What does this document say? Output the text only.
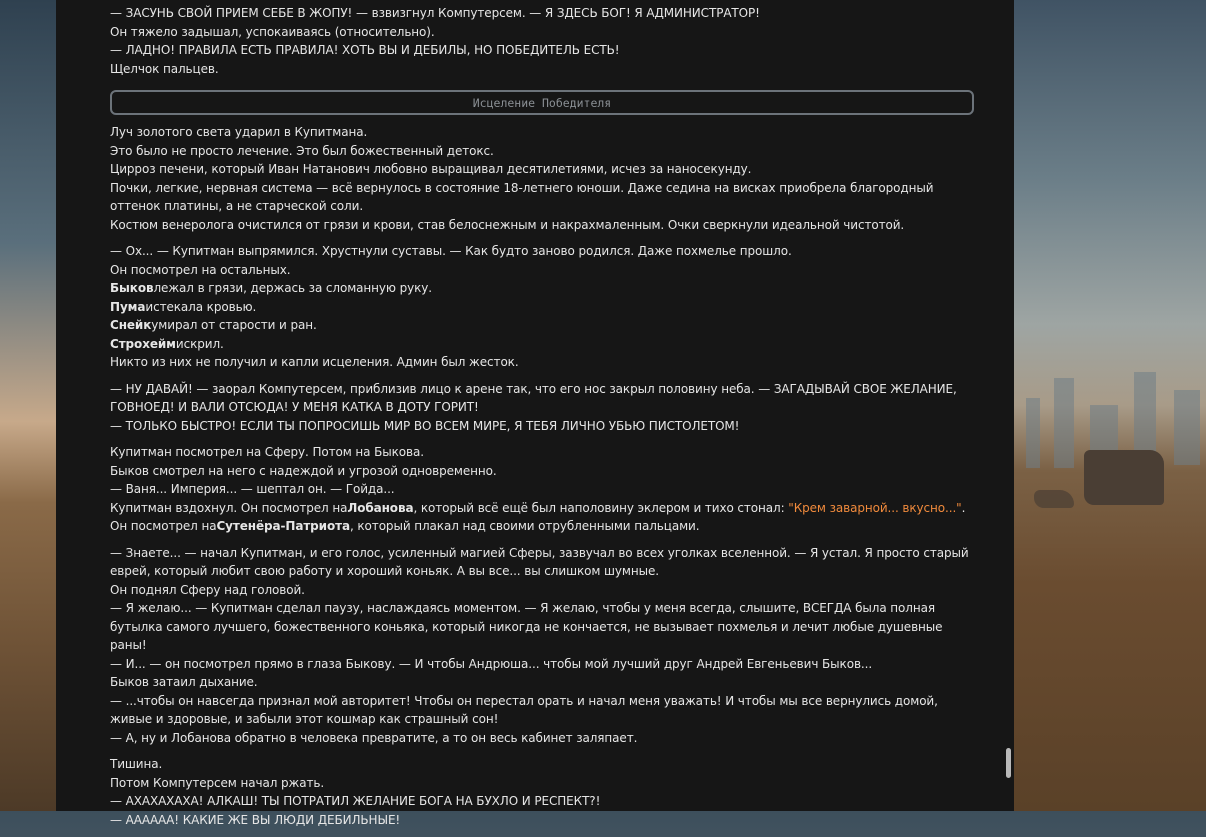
— ЗАСУНЬ СВОЙ ПРИЕМ СЕБЕ В ЖОПУ! — взвизгнул Компутерсем. — Я ЗДЕСЬ БОГ! Я АДМИНИСТРАТОР!
Он тяжело задышал, успокаиваясь (относительно).
— ЛАДНО! ПРАВИЛА ЕСТЬ ПРАВИЛА! ХОТЬ ВЫ И ДЕБИЛЫ, НО ПОБЕДИТЕЛЬ ЕСТЬ!
Щелчок пальцев.
Исцеление Победителя
Луч золотого света ударил в Купитмана.
Это было не просто лечение. Это был божественный детокс.
Цирроз печени, который Иван Натанович любовно выращивал десятилетиями, исчез за наносекунду.
Почки, легкие, нервная система — всё вернулось в состояние 18-летнего юноши. Даже седина на висках приобрела благородный оттенок платины, а не старческой соли.
Костюм венеролога очистился от грязи и крови, став белоснежным и накрахмаленным. Очки сверкнули идеальной чистотой.
— Ох... — Купитман выпрямился. Хрустнули суставы. — Как будто заново родился. Даже похмелье прошло.
Он посмотрел на остальных.
Быковлежал в грязи, держась за сломанную руку.
Пумаистекала кровью.
Снейкумирал от старости и ран.
Строхеймискрил.
Никто из них не получил и капли исцеления. Админ был жесток.
— НУ ДАВАЙ! — заорал Компутерсем, приблизив лицо к арене так, что его нос закрыл половину неба. — ЗАГАДЫВАЙ СВОЕ ЖЕЛАНИЕ, ГОВНОЕД! И ВАЛИ ОТСЮДА! У МЕНЯ КАТКА В ДОТУ ГОРИТ!
— ТОЛЬКО БЫСТРО! ЕСЛИ ТЫ ПОПРОСИШЬ МИР ВО ВСЕМ МИРЕ, Я ТЕБЯ ЛИЧНО УБЬЮ ПИСТОЛЕТОМ!
Купитман посмотрел на Сферу. Потом на Быкова.
Быков смотрел на него с надеждой и угрозой одновременно.
— Ваня... Империя... — шептал он. — Гойда...
Купитман вздохнул. Он посмотрел наЛобанова, который всё ещё был наполовину эклером и тихо стонал: "Крем заварной... вкусно...".
Он посмотрел наСутенёра-Патриота, который плакал над своими отрубленными пальцами.
— Знаете... — начал Купитман, и его голос, усиленный магией Сферы, зазвучал во всех уголках вселенной. — Я устал. Я просто старый еврей, который любит свою работу и хороший коньяк. А вы все... вы слишком шумные.
Он поднял Сферу над головой.
— Я желаю... — Купитман сделал паузу, наслаждаясь моментом. — Я желаю, чтобы у меня всегда, слышите, ВСЕГДА была полная бутылка самого лучшего, божественного коньяка, который никогда не кончается, не вызывает похмелья и лечит любые душевные раны!
— И... — он посмотрел прямо в глаза Быкову. — И чтобы Андрюша... чтобы мой лучший друг Андрей Евгеньевич Быков...
Быков затаил дыхание.
— ...чтобы он навсегда признал мой авторитет! Чтобы он перестал орать и начал меня уважать! И чтобы мы все вернулись домой, живые и здоровые, и забыли этот кошмар как страшный сон!
— А, ну и Лобанова обратно в человека превратите, а то он весь кабинет заляпает.
Тишина.
Потом Компутерсем начал ржать.
— АХАХАХАХА! АЛКАШ! ТЫ ПОТРАТИЛ ЖЕЛАНИЕ БОГА НА БУХЛО И РЕСПЕКТ?!
— АААААА! КАКИЕ ЖЕ ВЫ ЛЮДИ ДЕБИЛЬНЫЕ!
